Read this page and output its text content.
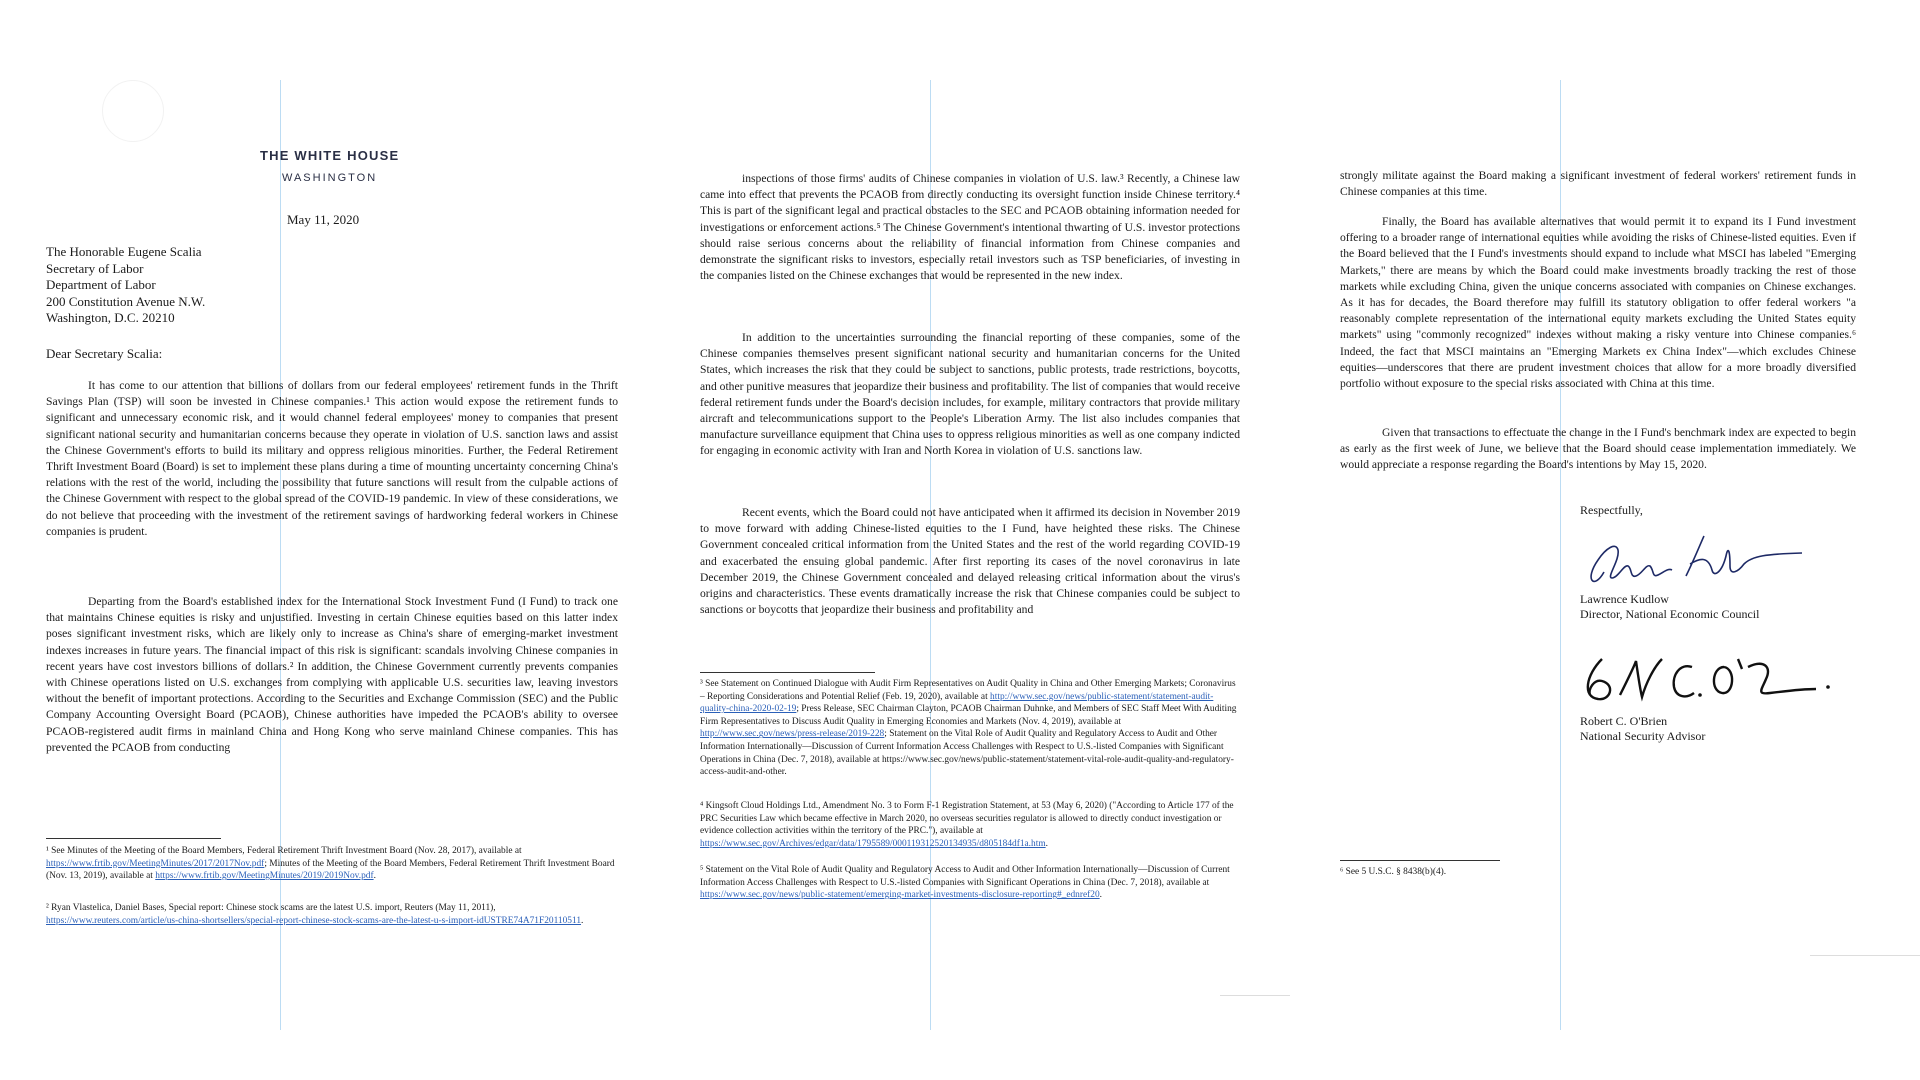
THE WHITE HOUSE
WASHINGTON
May 11, 2020
The Honorable Eugene Scalia
Secretary of Labor
Department of Labor
200 Constitution Avenue N.W.
Washington, D.C. 20210
Dear Secretary Scalia:

It has come to our attention that billions of dollars from our federal employees' retirement funds in the Thrift Savings Plan (TSP) will soon be invested in Chinese companies.¹ This action would expose the retirement funds to significant and unnecessary economic risk, and it would channel federal employees' money to companies that present significant national security and humanitarian concerns because they operate in violation of U.S. sanction laws and assist the Chinese Government's efforts to build its military and oppress religious minorities. Further, the Federal Retirement Thrift Investment Board (Board) is set to implement these plans during a time of mounting uncertainty concerning China's relations with the rest of the world, including the possibility that future sanctions will result from the culpable actions of the Chinese Government with respect to the global spread of the COVID-19 pandemic. In view of these considerations, we do not believe that proceeding with the investment of the retirement savings of hardworking federal workers in Chinese companies is prudent.

Departing from the Board's established index for the International Stock Investment Fund (I Fund) to track one that maintains Chinese equities is risky and unjustified. Investing in certain Chinese equities based on this latter index poses significant investment risks, which are likely only to increase as China's share of emerging-market investment indexes increases in future years. The financial impact of this risk is significant: scandals involving Chinese companies in recent years have cost investors billions of dollars.² In addition, the Chinese Government currently prevents companies with Chinese operations listed on U.S. exchanges from complying with applicable U.S. securities law, leaving investors without the benefit of important protections. According to the Securities and Exchange Commission (SEC) and the Public Company Accounting Oversight Board (PCAOB), Chinese authorities have impeded the PCAOB's ability to oversee PCAOB-registered audit firms in mainland China and Hong Kong who serve mainland Chinese companies. This has prevented the PCAOB from conducting

¹ See Minutes of the Meeting of the Board Members, Federal Retirement Thrift Investment Board (Nov. 28, 2017), available at https://www.frtib.gov/MeetingMinutes/2017/2017Nov.pdf; Minutes of the Meeting of the Board Members, Federal Retirement Thrift Investment Board (Nov. 13, 2019), available at https://www.frtib.gov/MeetingMinutes/2019/2019Nov.pdf.

² Ryan Vlastelica, Daniel Bases, Special report: Chinese stock scams are the latest U.S. import, Reuters (May 11, 2011), https://www.reuters.com/article/us-china-shortsellers/special-report-chinese-stock-scams-are-the-latest-u-s-import-idUSTRE74A71F20110511.

inspections of those firms' audits of Chinese companies in violation of U.S. law.³ Recently, a Chinese law came into effect that prevents the PCAOB from directly conducting its oversight function inside Chinese territory.⁴ This is part of the significant legal and practical obstacles to the SEC and PCAOB obtaining information needed for investigations or enforcement actions.⁵ The Chinese Government's intentional thwarting of U.S. investor protections should raise serious concerns about the reliability of financial information from Chinese companies and demonstrate the significant risks to investors, especially retail investors such as TSP beneficiaries, of investing in the companies listed on the Chinese exchanges that would be represented in the new index.

In addition to the uncertainties surrounding the financial reporting of these companies, some of the Chinese companies themselves present significant national security and humanitarian concerns for the United States, which increases the risk that they could be subject to sanctions, public protests, trade restrictions, boycotts, and other punitive measures that jeopardize their business and profitability. The list of companies that would receive federal retirement funds under the Board's decision includes, for example, military contractors that provide military aircraft and telecommunications support to the People's Liberation Army. The list also includes companies that manufacture surveillance equipment that China uses to oppress religious minorities as well as one company indicted for engaging in economic activity with Iran and North Korea in violation of U.S. sanctions law.

Recent events, which the Board could not have anticipated when it affirmed its decision in November 2019 to move forward with adding Chinese-listed equities to the I Fund, have heighted these risks. The Chinese Government concealed critical information from the United States and the rest of the world regarding COVID-19 and exacerbated the ensuing global pandemic. After first reporting its cases of the novel coronavirus in late December 2019, the Chinese Government concealed and delayed releasing critical information about the virus's origins and characteristics. These events dramatically increase the risk that Chinese companies could be subject to sanctions or boycotts that jeopardize their business and profitability and

³ See Statement on Continued Dialogue with Audit Firm Representatives on Audit Quality in China and Other Emerging Markets; Coronavirus – Reporting Considerations and Potential Relief (Feb. 19, 2020), available at http://www.sec.gov/news/public-statement/statement-audit-quality-china-2020-02-19; Press Release, SEC Chairman Clayton, PCAOB Chairman Duhnke, and Members of SEC Staff Meet With Auditing Firm Representatives to Discuss Audit Quality in Emerging Economies and Markets (Nov. 4, 2019), available at http://www.sec.gov/news/press-release/2019-228; Statement on the Vital Role of Audit Quality and Regulatory Access to Audit and Other Information Internationally—Discussion of Current Information Access Challenges with Respect to U.S.-listed Companies with Significant Operations in China (Dec. 7, 2018), available at https://www.sec.gov/news/public-statement/statement-vital-role-audit-quality-and-regulatory-access-audit-and-other.

⁴ Kingsoft Cloud Holdings Ltd., Amendment No. 3 to Form F-1 Registration Statement, at 53 (May 6, 2020) ("According to Article 177 of the PRC Securities Law which became effective in March 2020, no overseas securities regulator is allowed to directly conduct investigation or evidence collection activities within the territory of the PRC."), available at https://www.sec.gov/Archives/edgar/data/1795589/000119312520134935/d805184df1a.htm.

⁵ Statement on the Vital Role of Audit Quality and Regulatory Access to Audit and Other Information Internationally—Discussion of Current Information Access Challenges with Respect to U.S.-listed Companies with Significant Operations in China (Dec. 7, 2018), available at https://www.sec.gov/news/public-statement/emerging-market-investments-disclosure-reporting#_ednref20.

strongly militate against the Board making a significant investment of federal workers' retirement funds in Chinese companies at this time.

Finally, the Board has available alternatives that would permit it to expand its I Fund investment offering to a broader range of international equities while avoiding the risks of Chinese-listed equities. Even if the Board believed that the I Fund's investments should expand to include what MSCI has labeled "Emerging Markets," there are means by which the Board could make investments broadly tracking the rest of those markets while excluding China, given the unique concerns associated with companies on Chinese exchanges. As it has for decades, the Board therefore may fulfill its statutory obligation to offer federal workers "a reasonably complete representation of the international equity markets excluding the United States equity markets" using "commonly recognized" indexes without making a risky venture into Chinese companies.⁶ Indeed, the fact that MSCI maintains an "Emerging Markets ex China Index"—which excludes Chinese equities—underscores that there are prudent investment choices that allow for a more broadly diversified portfolio without exposure to the special risks associated with China at this time.

Given that transactions to effectuate the change in the I Fund's benchmark index are expected to begin as early as the first week of June, we believe that the Board should cease implementation immediately. We would appreciate a response regarding the Board's intentions by May 15, 2020.

Respectfully,
Lawrence Kudlow
Director, National Economic Council
Robert C. O'Brien
National Security Advisor

⁶ See 5 U.S.C. § 8438(b)(4).
